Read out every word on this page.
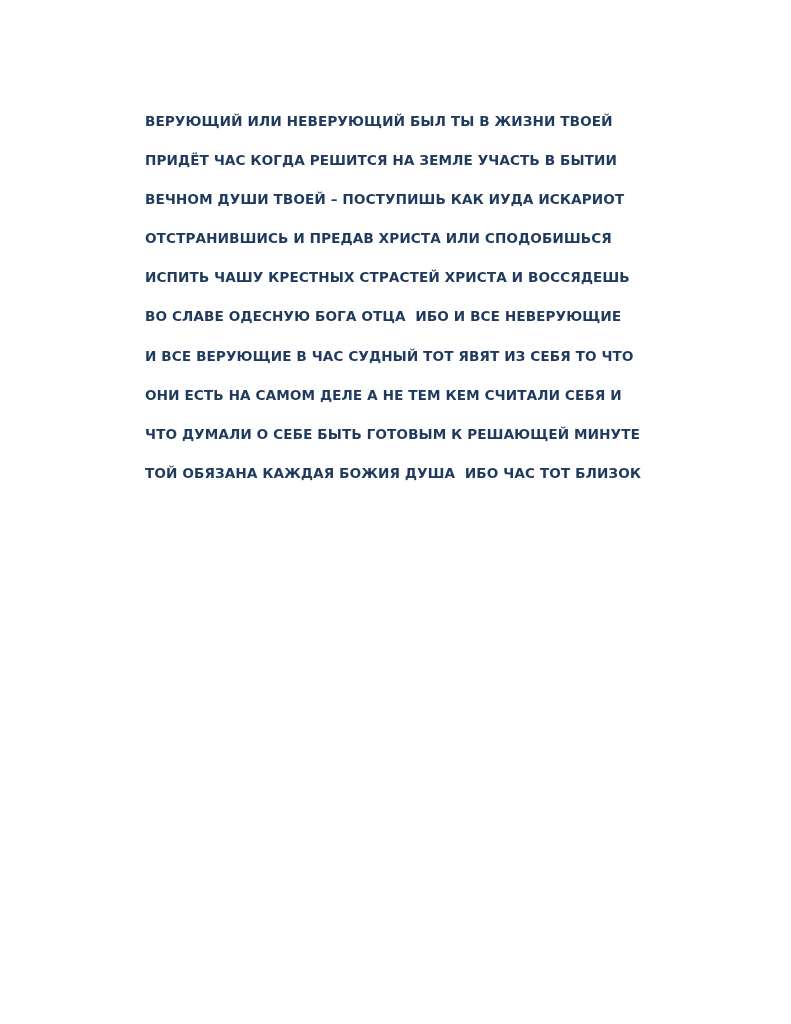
ВЕРУЮЩИЙ ИЛИ НЕВЕРУЮЩИЙ БЫЛ ТЫ В ЖИЗНИ ТВОЕЙ
ПРИДЁТ ЧАС КОГДА РЕШИТСЯ НА ЗЕМЛЕ УЧАСТЬ В БЫТИИ
ВЕЧНОМ ДУШИ ТВОЕЙ – ПОСТУПИШЬ КАК ИУДА ИСКАРИОТ
ОТСТРАНИВШИСЬ И ПРЕДАВ ХРИСТА ИЛИ СПОДОБИШЬСЯ
ИСПИТЬ ЧАШУ КРЕСТНЫХ СТРАСТЕЙ ХРИСТА И ВОССЯДЕШЬ
ВО СЛАВЕ ОДЕСНУЮ БОГА ОТЦА  ИБО И ВСЕ НЕВЕРУЮЩИЕ
И ВСЕ ВЕРУЮЩИЕ В ЧАС СУДНЫЙ ТОТ ЯВЯТ ИЗ СЕБЯ ТО ЧТО
ОНИ ЕСТЬ НА САМОМ ДЕЛЕ А НЕ ТЕМ КЕМ СЧИТАЛИ СЕБЯ И
ЧТО ДУМАЛИ О СЕБЕ БЫТЬ ГОТОВЫМ К РЕШАЮЩЕЙ МИНУТЕ
ТОЙ ОБЯЗАНА КАЖДАЯ БОЖИЯ ДУША  ИБО ЧАС ТОТ БЛИЗОК
